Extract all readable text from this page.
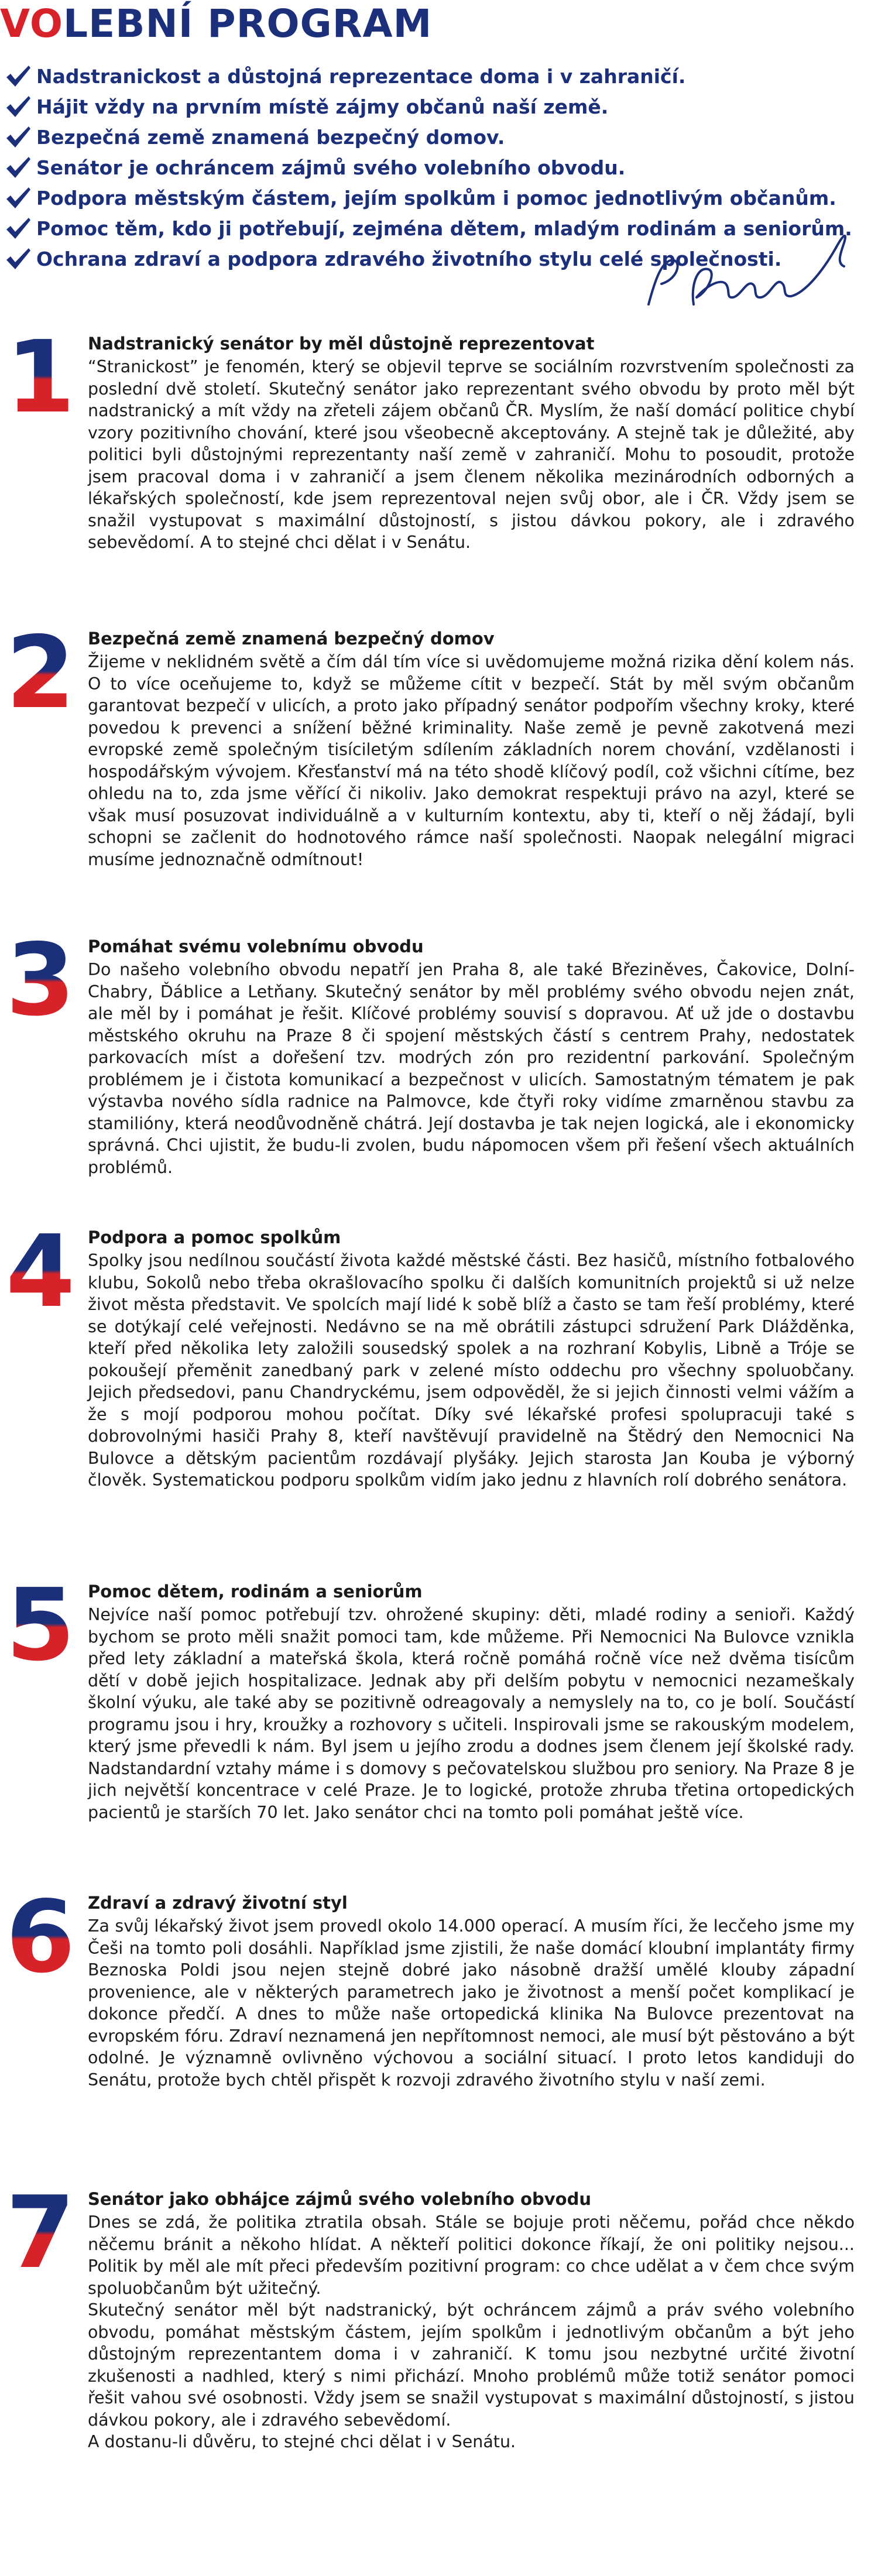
VOLEBNÍ PROGRAM
Nadstranickost a důstojná reprezentace doma i v zahraničí.
Hájit vždy na prvním místě zájmy občanů naší země.
Bezpečná země znamená bezpečný domov.
Senátor je ochráncem zájmů svého volebního obvodu.
Podpora městským částem, jejím spolkům i pomoc jednotlivým občanům.
Pomoc těm, kdo ji potřebují, zejména dětem, mladým rodinám a seniorům.
Ochrana zdraví a podpora zdravého životního stylu celé společnosti.
1 Nadstranický senátor by měl důstojně reprezentovat

“Stranickost” je fenomén, který se objevil teprve se sociálním rozvrstvením společnosti za poslední dvě století. Skutečný senátor jako reprezentant svého obvodu by proto měl být nadstranický a mít vždy na zřeteli zájem občanů ČR. Myslím, že naší domácí politice chybí vzory pozitivního chování, které jsou všeobecně akceptovány. A stejně tak je důležité, aby politici byli důstojnými reprezentanty naší země v zahraničí. Mohu to posoudit, protože jsem pracoval doma i v zahraničí a jsem členem několika mezinárodních odborných a lékařských společností, kde jsem reprezentoval nejen svůj obor, ale i ČR. Vždy jsem se snažil vystupovat s maximální důstojností, s jistou dávkou pokory, ale i zdravého sebevědomí. A to stejné chci dělat i v Senátu.

2 Bezpečná země znamená bezpečný domov

Žijeme v neklidném světě a čím dál tím více si uvědomujeme možná rizika dění kolem nás. O to více oceňujeme to, když se můžeme cítit v bezpečí. Stát by měl svým občanům garantovat bezpečí v ulicích, a proto jako případný senátor podpořím všechny kroky, které povedou k prevenci a snížení běžné kriminality. Naše země je pevně zakotvená mezi evropské země společným tisíciletým sdílením základních norem chování, vzdělanosti i hospodářským vývojem. Křesťanství má na této shodě klíčový podíl, což všichni cítíme, bez ohledu na to, zda jsme věřící či nikoliv. Jako demokrat respektuji právo na azyl, které se však musí posuzovat individuálně a v kulturním kontextu, aby ti, kteří o něj žádají, byli schopni se začlenit do hodnotového rámce naší společnosti. Naopak nelegální migraci musíme jednoznačně odmítnout!

3 Pomáhat svému volebnímu obvodu

Do našeho volebního obvodu nepatří jen Praha 8, ale také Březiněves, Čakovice, Dolní-Chabry, Ďáblice a Letňany. Skutečný senátor by měl problémy svého obvodu nejen znát, ale měl by i pomáhat je řešit. Klíčové problémy souvisí s dopravou. Ať už jde o dostavbu městského okruhu na Praze 8 či spojení městských částí s centrem Prahy, nedostatek parkovacích míst a dořešení tzv. modrých zón pro rezidentní parkování. Společným problémem je i čistota komunikací a bezpečnost v ulicích. Samostatným tématem je pak výstavba nového sídla radnice na Palmovce, kde čtyři roky vidíme zmarněnou stavbu za stamilióny, která neodůvodněně chátrá. Její dostavba je tak nejen logická, ale i ekonomicky správná. Chci ujistit, že budu-li zvolen, budu nápomocen všem při řešení všech aktuálních problémů.

4 Podpora a pomoc spolkům

Spolky jsou nedílnou součástí života každé městské části. Bez hasičů, místního fotbalového klubu, Sokolů nebo třeba okrašlovacího spolku či dalších komunitních projektů si už nelze život města představit. Ve spolcích mají lidé k sobě blíž a často se tam řeší problémy, které se dotýkají celé veřejnosti. Nedávno se na mě obrátili zástupci sdružení Park Dlážděnka, kteří před několika lety založili sousedský spolek a na rozhraní Kobylis, Libně a Tróje se pokoušejí přeměnit zanedbaný park v zelené místo oddechu pro všechny spoluobčany. Jejich předsedovi, panu Chandryckému, jsem odpověděl, že si jejich činnosti velmi vážím a že s mojí podporou mohou počítat. Díky své lékařské profesi spolupracuji také s dobrovolnými hasiči Prahy 8, kteří navštěvují pravidelně na Štědrý den Nemocnici Na Bulovce a dětským pacientům rozdávají plyšáky. Jejich starosta Jan Kouba je výborný člověk. Systematickou podporu spolkům vidím jako jednu z hlavních rolí dobrého senátora.

5 Pomoc dětem, rodinám a seniorům

Nejvíce naší pomoc potřebují tzv. ohrožené skupiny: děti, mladé rodiny a senioři. Každý bychom se proto měli snažit pomoci tam, kde můžeme. Při Nemocnici Na Bulovce vznikla před lety základní a mateřská škola, která ročně pomáhá ročně více než dvěma tisícům dětí v době jejich hospitalizace. Jednak aby při delším pobytu v nemocnici nezameškaly školní výuku, ale také aby se pozitivně odreagovaly a nemyslely na to, co je bolí. Součástí programu jsou i hry, kroužky a rozhovory s učiteli. Inspirovali jsme se rakouským modelem, který jsme převedli k nám. Byl jsem u jejího zrodu a dodnes jsem členem její školské rady. Nadstandardní vztahy máme i s domovy s pečovatelskou službou pro seniory. Na Praze 8 je jich největší koncentrace v celé Praze. Je to logické, protože zhruba třetina ortopedických pacientů je starších 70 let. Jako senátor chci na tomto poli pomáhat ještě více.

6 Zdraví a zdravý životní styl

Za svůj lékařský život jsem provedl okolo 14.000 operací. A musím říci, že lecčeho jsme my Češi na tomto poli dosáhli. Například jsme zjistili, že naše domácí kloubní implantáty firmy Beznoska Poldi jsou nejen stejně dobré jako násobně dražší umělé klouby západní provenience, ale v některých parametrech jako je životnost a menší počet komplikací je dokonce předčí. A dnes to může naše ortopedická klinika Na Bulovce prezentovat na evropském fóru. Zdraví neznamená jen nepřítomnost nemoci, ale musí být pěstováno a být odolné. Je významně ovlivněno výchovou a sociální situací. I proto letos kandiduji do Senátu, protože bych chtěl přispět k rozvoji zdravého životního stylu v naší zemi.

7 Senátor jako obhájce zájmů svého volebního obvodu

Dnes se zdá, že politika ztratila obsah. Stále se bojuje proti něčemu, pořád chce někdo něčemu bránit a někoho hlídat. A někteří politici dokonce říkají, že oni politiky nejsou... Politik by měl ale mít přeci především pozitivní program: co chce udělat a v čem chce svým spoluobčanům být užitečný.
Skutečný senátor měl být nadstranický, být ochráncem zájmů a práv svého volebního obvodu, pomáhat městským částem, jejím spolkům i jednotlivým občanům a být jeho důstojným reprezentantem doma i v zahraničí. K tomu jsou nezbytné určité životní zkušenosti a nadhled, který s nimi přichází. Mnoho problémů může totiž senátor pomoci řešit vahou své osobnosti. Vždy jsem se snažil vystupovat s maximální důstojností, s jistou dávkou pokory, ale i zdravého sebevědomí.
A dostanu-li důvěru, to stejné chci dělat i v Senátu.
